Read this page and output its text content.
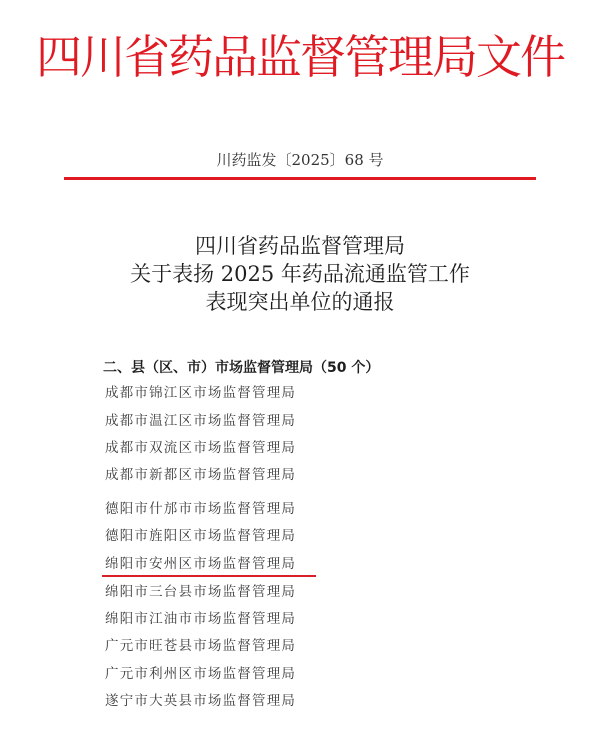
四川省药品监督管理局文件
川药监发〔2025〕68 号
四川省药品监督管理局
关于表扬 2025 年药品流通监管工作
表现突出单位的通报
二、县（区、市）市场监督管理局（50 个）
成都市锦江区市场监督管理局
成都市温江区市场监督管理局
成都市双流区市场监督管理局
成都市新都区市场监督管理局
德阳市什邡市市场监督管理局
德阳市旌阳区市场监督管理局
绵阳市安州区市场监督管理局
绵阳市三台县市场监督管理局
绵阳市江油市市场监督管理局
广元市旺苍县市场监督管理局
广元市利州区市场监督管理局
遂宁市大英县市场监督管理局
